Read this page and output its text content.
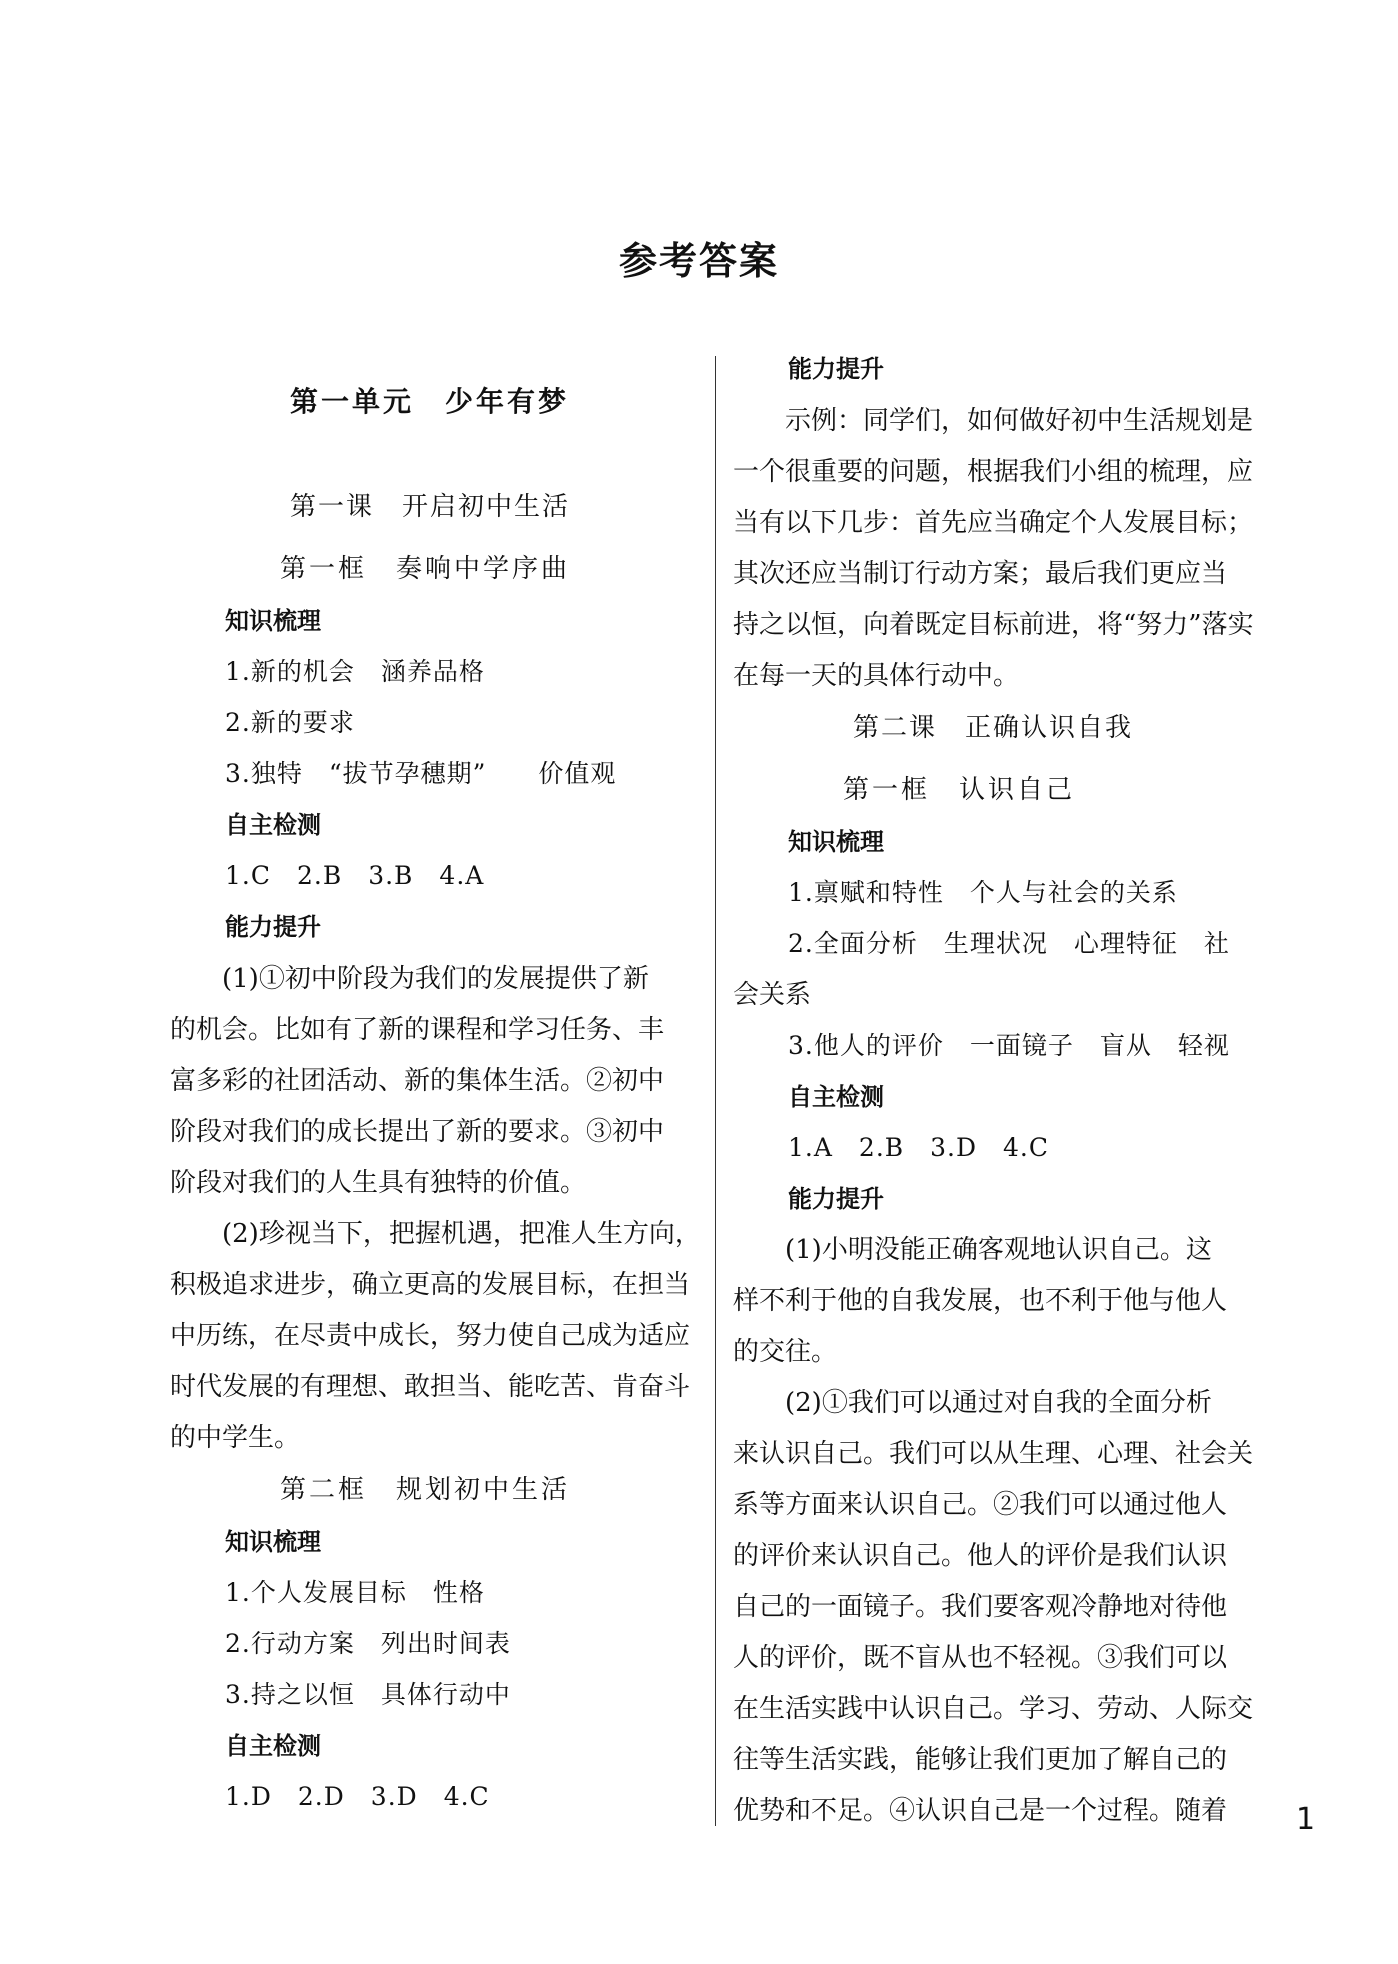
参考答案
第一单元　少年有梦
第一课　开启初中生活
第一框　奏响中学序曲
知识梳理
1.新的机会　涵养品格
2.新的要求
3.独特　“拔节孕穗期”　　价值观
自主检测
1.C　2.B　3.B　4.A
能力提升
(1)①初中阶段为我们的发展提供了新
的机会。比如有了新的课程和学习任务、丰
富多彩的社团活动、新的集体生活。②初中
阶段对我们的成长提出了新的要求。③初中
阶段对我们的人生具有独特的价值。
(2)珍视当下，把握机遇，把准人生方向，
积极追求进步，确立更高的发展目标，在担当
中历练，在尽责中成长，努力使自己成为适应
时代发展的有理想、敢担当、能吃苦、肯奋斗
的中学生。
第二框　规划初中生活
知识梳理
1.个人发展目标　性格
2.行动方案　列出时间表
3.持之以恒　具体行动中
自主检测
1.D　2.D　3.D　4.C
能力提升
示例：同学们，如何做好初中生活规划是
一个很重要的问题，根据我们小组的梳理，应
当有以下几步：首先应当确定个人发展目标；
其次还应当制订行动方案；最后我们更应当
持之以恒，向着既定目标前进，将“努力”落实
在每一天的具体行动中。
第二课　正确认识自我
第一框　认识自己
知识梳理
1.禀赋和特性　个人与社会的关系
2.全面分析　生理状况　心理特征　社
会关系
3.他人的评价　一面镜子　盲从　轻视
自主检测
1.A　2.B　3.D　4.C
能力提升
(1)小明没能正确客观地认识自己。这
样不利于他的自我发展，也不利于他与他人
的交往。
(2)①我们可以通过对自我的全面分析
来认识自己。我们可以从生理、心理、社会关
系等方面来认识自己。②我们可以通过他人
的评价来认识自己。他人的评价是我们认识
自己的一面镜子。我们要客观冷静地对待他
人的评价，既不盲从也不轻视。③我们可以
在生活实践中认识自己。学习、劳动、人际交
往等生活实践，能够让我们更加了解自己的
优势和不足。④认识自己是一个过程。随着 1
